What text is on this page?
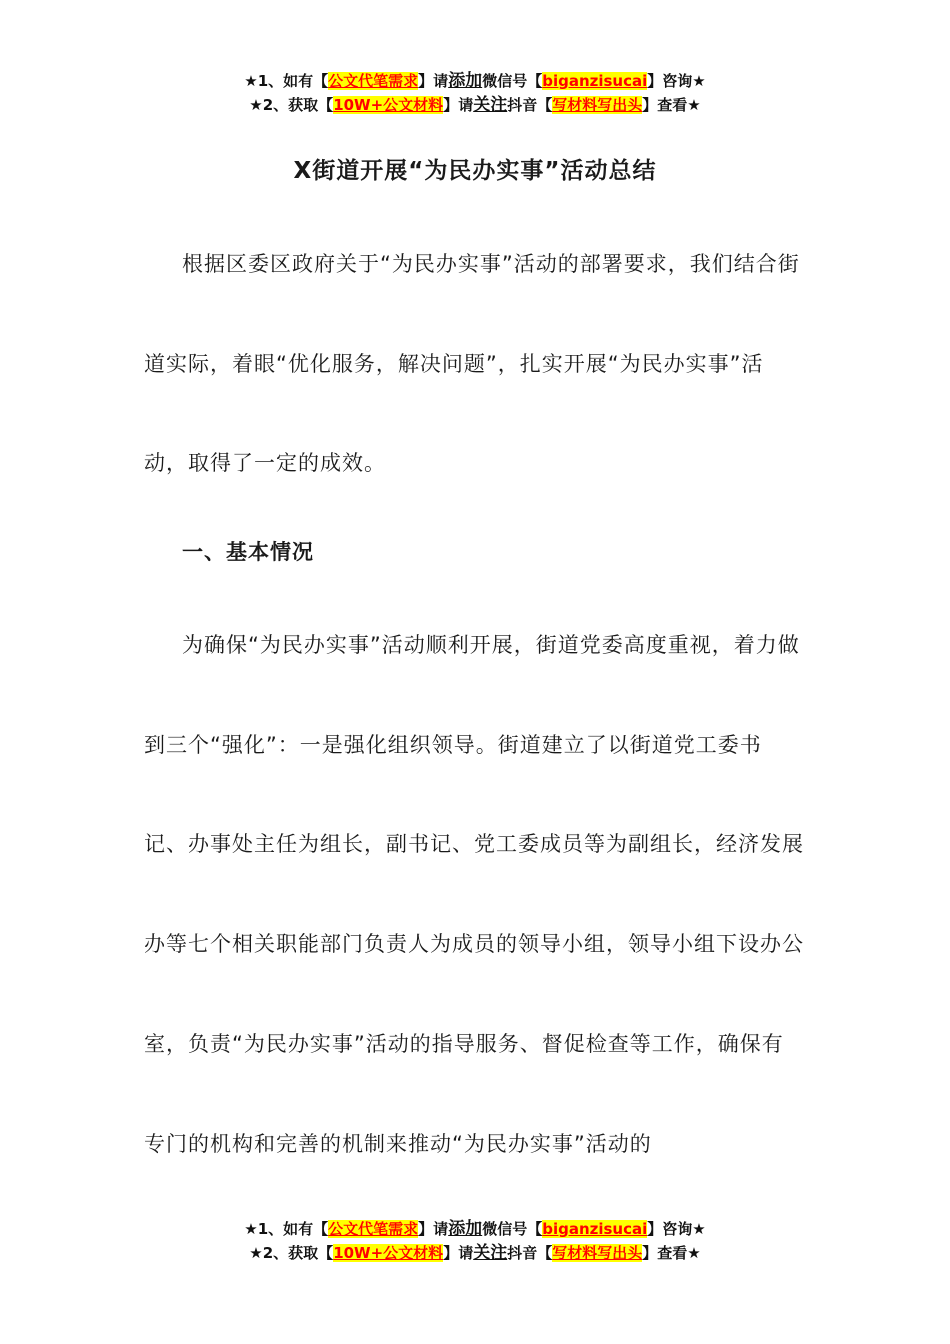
★1、如有【公文代笔需求】请添加微信号【biganzisucai】咨询★
★2、获取【10W+公文材料】请关注抖音【写材料写出头】查看★
X街道开展“为民办实事”活动总结
根据区委区政府关于“为民办实事”活动的部署要求，我们结合街道实际，着眼“优化服务，解决问题”，扎实开展“为民办实事”活动，取得了一定的成效。
一、基本情况
为确保“为民办实事”活动顺利开展，街道党委高度重视，着力做到三个“强化”：一是强化组织领导。街道建立了以街道党工委书记、办事处主任为组长，副书记、党工委成员等为副组长，经济发展办等七个相关职能部门负责人为成员的领导小组，领导小组下设办公室，负责“为民办实事”活动的指导服务、督促检查等工作，确保有专门的机构和完善的机制来推动“为民办实事”活动的
★1、如有【公文代笔需求】请添加微信号【biganzisucai】咨询★
★2、获取【10W+公文材料】请关注抖音【写材料写出头】查看★
